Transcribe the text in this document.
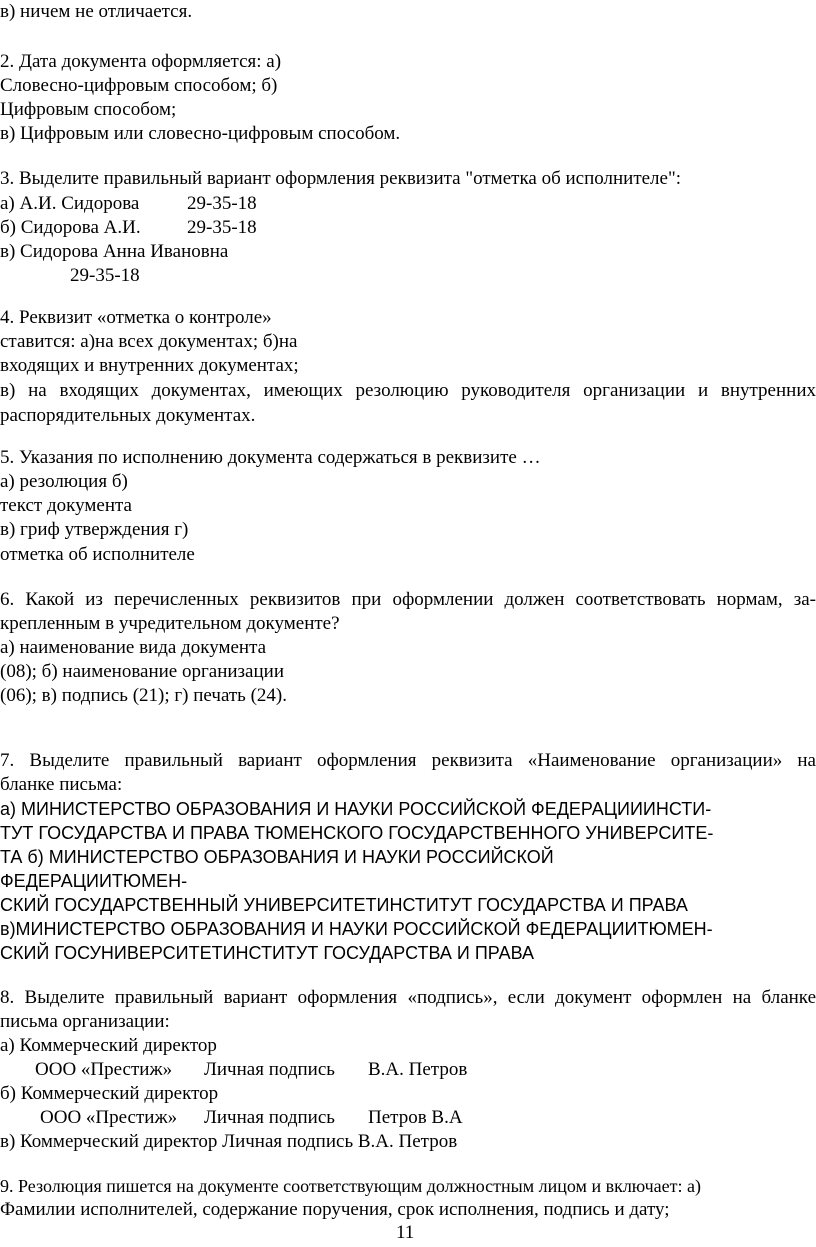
в) ничем не отличается.

2. Дата документа оформляется: а)

Словесно-цифровым способом; б)

Цифровым способом;

в) Цифровым или словесно-цифровым способом.

3. Выделите правильный вариант оформления реквизита "отметка об исполнителе":

а) А.И. Сидорова	29-35-18

б) Сидорова А.И. 29-35-18

в) Сидорова Анна Ивановна

29-35-18

4. Реквизит «отметка о контроле»

ставится: а)на всех документах; б)на

входящих и внутренних документах;

в) на входящих документах, имеющих резолюцию руководителя организации и внутренних

распорядительных документах.

5. Указания по исполнению документа содержаться в реквизите …

а) резолюция б)

текст документа

в) гриф утверждения г)

отметка об исполнителе

6. Какой из перечисленных реквизитов при оформлении должен соответствовать нормам, за-

крепленным в учредительном документе?

а) наименование вида документа

(08); б) наименование организации

(06); в) подпись (21); г) печать (24).

7. Выделите правильный вариант оформления реквизита «Наименование организации» на

бланке письма:

а) МИНИСТЕРСТВО ОБРАЗОВАНИЯ И НАУКИ РОССИЙСКОЙ ФЕДЕРАЦИИИНСТИ-

ТУТ ГОСУДАРСТВА И ПРАВА ТЮМЕНСКОГО ГОСУДАРСТВЕННОГО УНИВЕРСИТЕ-

ТА б) МИНИСТЕРСТВО ОБРАЗОВАНИЯ И НАУКИ РОССИЙСКОЙ

ФЕДЕРАЦИИТЮМЕН-

СКИЙ ГОСУДАРСТВЕННЫЙ УНИВЕРСИТЕТИНСТИТУТ ГОСУДАРСТВА И ПРАВА

в)МИНИСТЕРСТВО ОБРАЗОВАНИЯ И НАУКИ РОССИЙСКОЙ ФЕДЕРАЦИИТЮМЕН-

СКИЙ ГОСУНИВЕРСИТЕТИНСТИТУТ ГОСУДАРСТВА И ПРАВА

8. Выделите правильный вариант оформления «подпись», если документ оформлен на бланке

письма организации:

а) Коммерческий директор

ООО «Престиж» Личная подпись В.А. Петров

б) Коммерческий директор

ООО «Престиж» Личная подпись Петров В.А

в) Коммерческий директор Личная подпись В.А. Петров

9. Резолюция пишется на документе соответствующим должностным лицом и включает: а)

Фамилии исполнителей, содержание поручения, срок исполнения, подпись и дату;

11
